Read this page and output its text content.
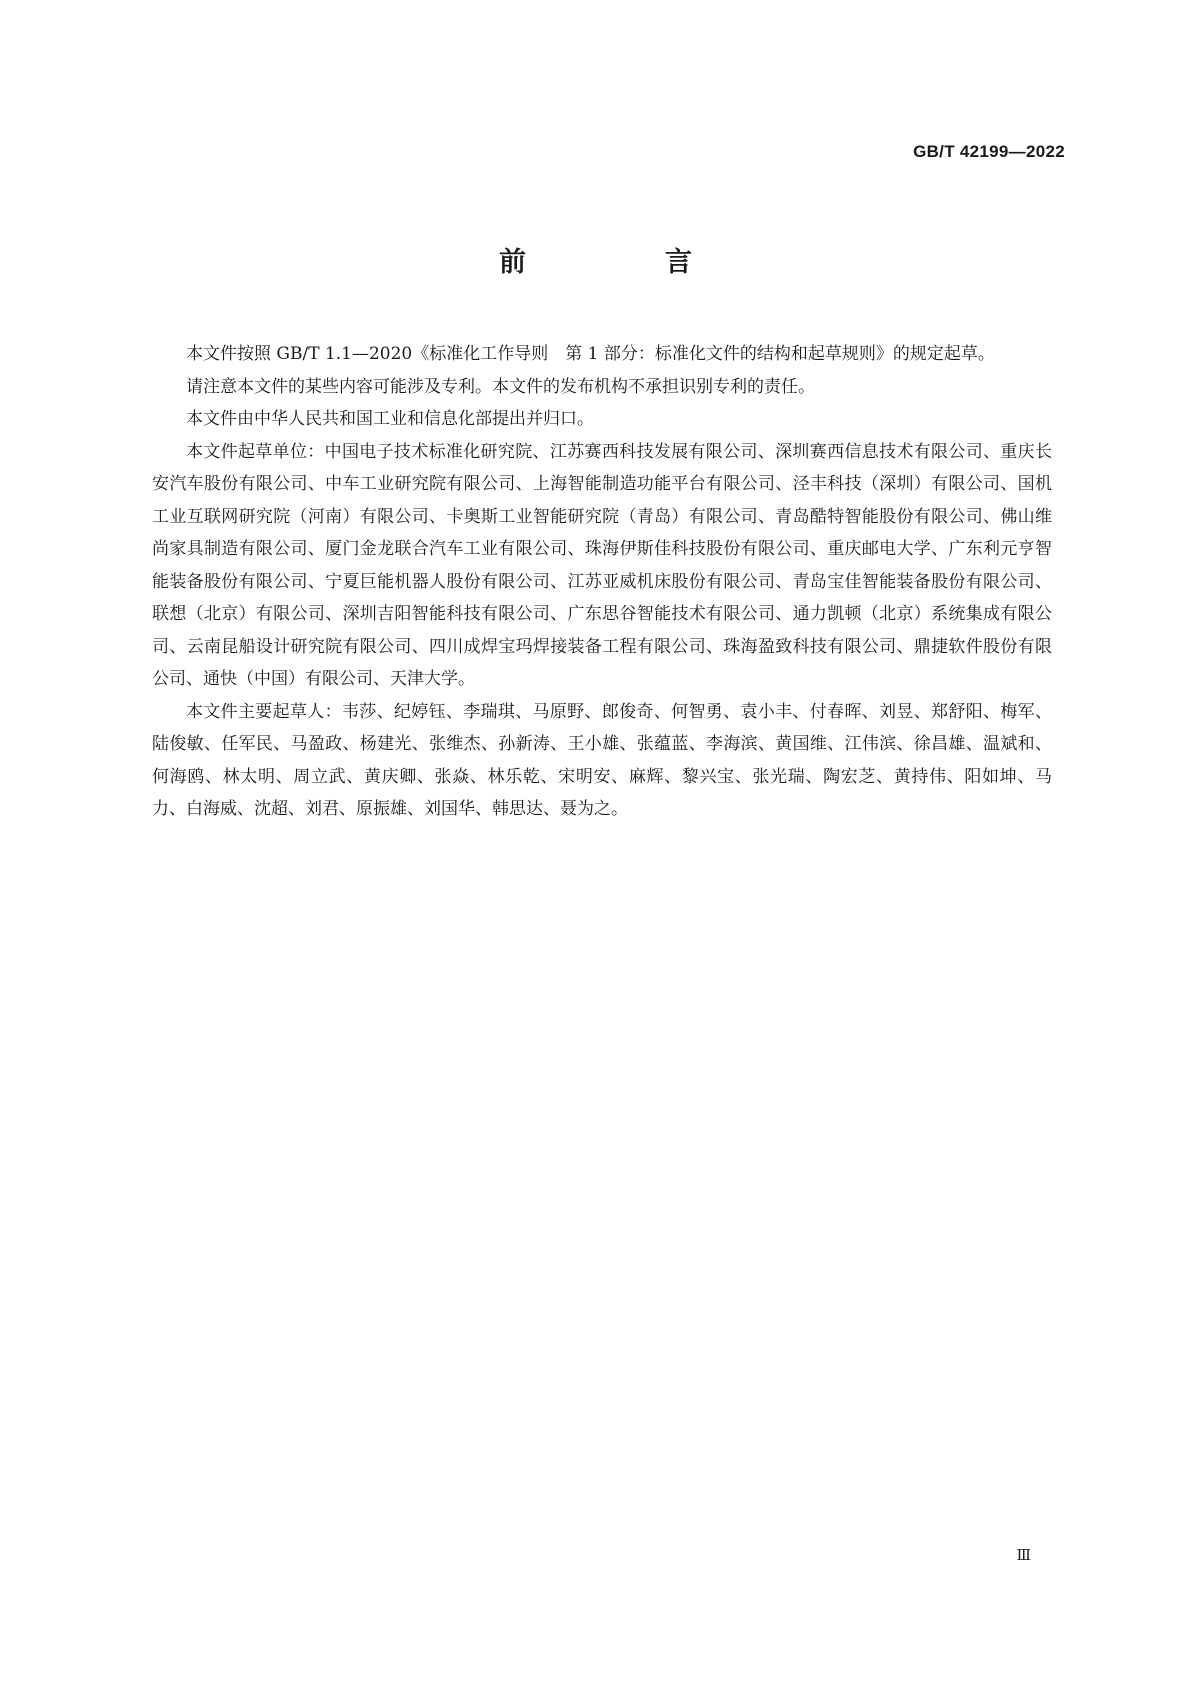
GB/T 42199—2022
前　言

本文件按照 GB/T 1.1—2020《标准化工作导则　第 1 部分：标准化文件的结构和起草规则》的规定起草。

请注意本文件的某些内容可能涉及专利。本文件的发布机构不承担识别专利的责任。

本文件由中华人民共和国工业和信息化部提出并归口。

本文件起草单位：中国电子技术标准化研究院、江苏赛西科技发展有限公司、深圳赛西信息技术有限公司、重庆长安汽车股份有限公司、中车工业研究院有限公司、上海智能制造功能平台有限公司、泾丰科技（深圳）有限公司、国机工业互联网研究院（河南）有限公司、卡奥斯工业智能研究院（青岛）有限公司、青岛酷特智能股份有限公司、佛山维尚家具制造有限公司、厦门金龙联合汽车工业有限公司、珠海伊斯佳科技股份有限公司、重庆邮电大学、广东利元亨智能装备股份有限公司、宁夏巨能机器人股份有限公司、江苏亚威机床股份有限公司、青岛宝佳智能装备股份有限公司、联想（北京）有限公司、深圳吉阳智能科技有限公司、广东思谷智能技术有限公司、通力凯顿（北京）系统集成有限公司、云南昆船设计研究院有限公司、四川成焊宝玛焊接装备工程有限公司、珠海盈致科技有限公司、鼎捷软件股份有限公司、通快（中国）有限公司、天津大学。

本文件主要起草人：韦莎、纪婷钰、李瑞琪、马原野、郎俊奇、何智勇、袁小丰、付春晖、刘昱、郑舒阳、梅军、陆俊敏、任军民、马盈政、杨建光、张维杰、孙新涛、王小雄、张蕴蓝、李海滨、黄国维、江伟滨、徐昌雄、温斌和、何海鸥、林太明、周立武、黄庆卿、张焱、林乐乾、宋明安、麻辉、黎兴宝、张光瑞、陶宏芝、黄持伟、阳如坤、马力、白海威、沈超、刘君、原振雄、刘国华、韩思达、聂为之。

Ⅲ
